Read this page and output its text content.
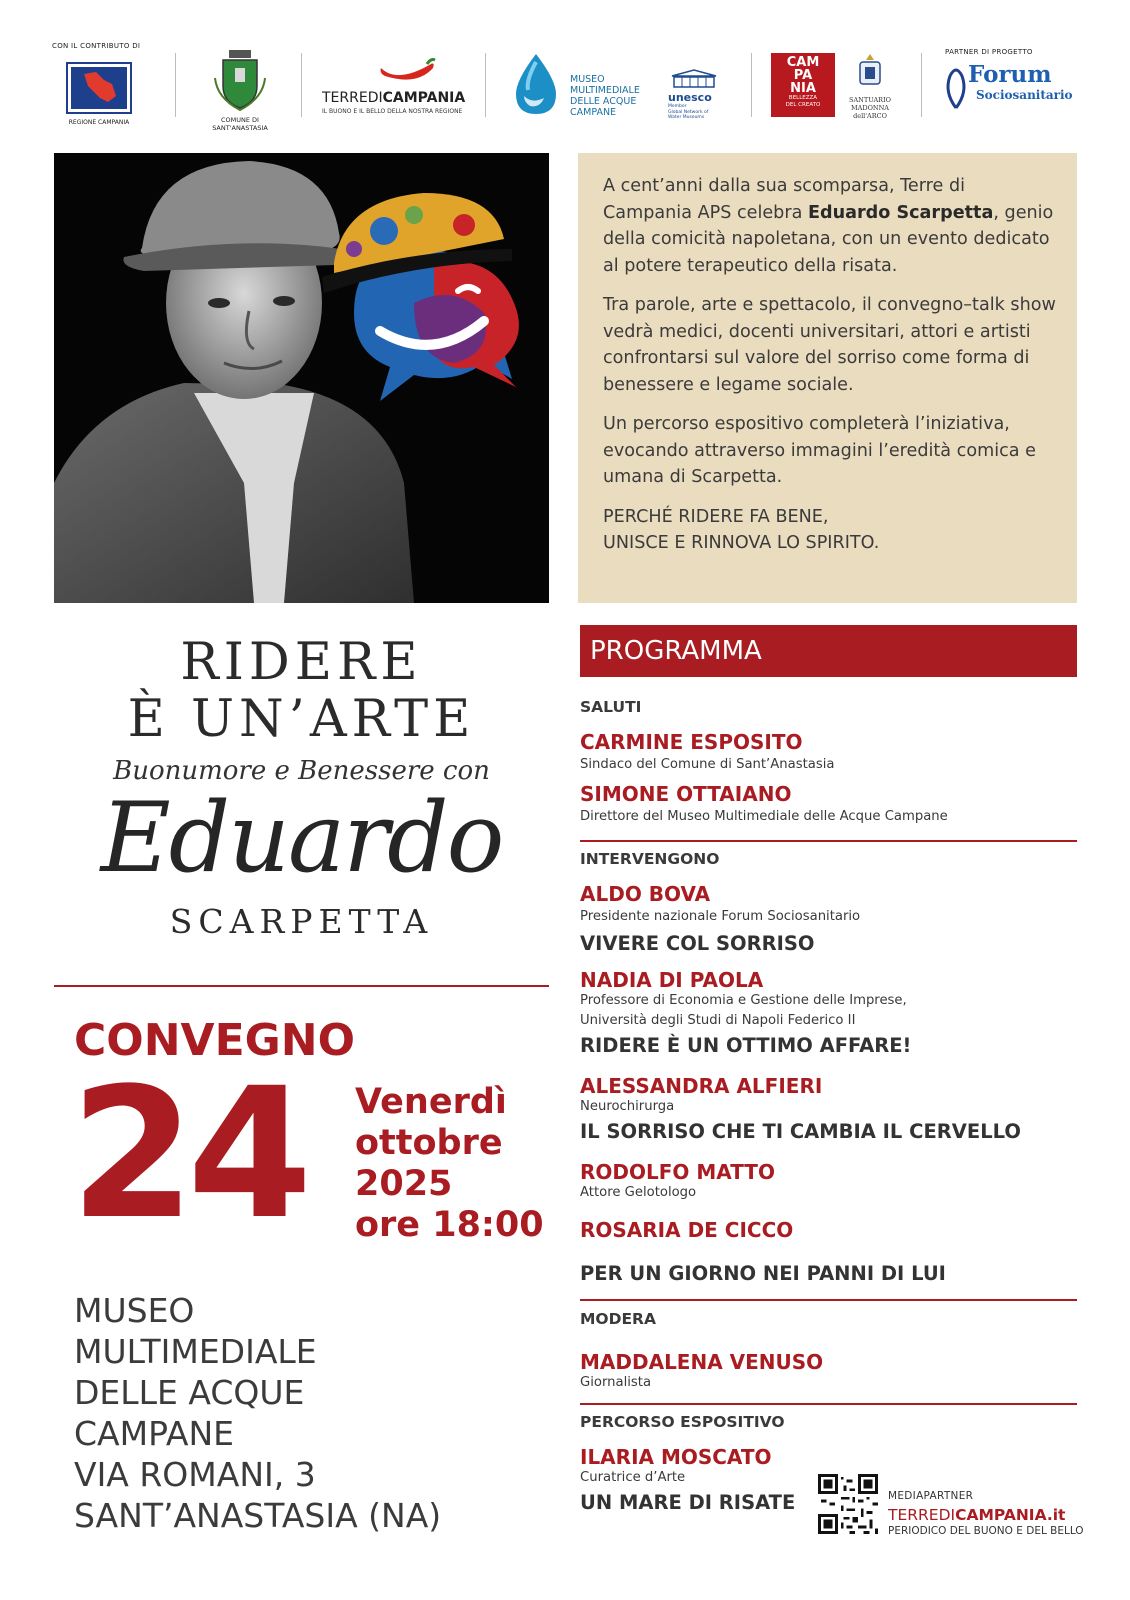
CON IL CONTRIBUTO DI
REGIONE CAMPANIA	COMUNE DI SANT'ANASTASIA
TERREDICAMPANIA
IL BUONO E IL BELLO DELLA NOSTRA REGIONE
MUSEO
MULTIMEDIALE
DELLE ACQUE
CAMPANE
unesco
Member
Global Network of
Water Museums
CAM
PA
NIA
BELLEZZA
DEL CREATO
SANTUARIO
MADONNA
dell'ARCO
PARTNER DI PROGETTO
Forum
Sociosanitario

A cent’anni dalla sua scomparsa, Terre di Campania APS celebra Eduardo Scarpetta, genio della comicità napoletana, con un evento dedicato al potere terapeutico della risata.

Tra parole, arte e spettacolo, il convegno–talk show vedrà medici, docenti universitari, attori e artisti confrontarsi sul valore del sorriso come forma di benessere e legame sociale.

Un percorso espositivo completerà l’iniziativa, evocando attraverso immagini l’eredità comica e umana di Scarpetta.

PERCHÉ RIDERE FA BENE,
UNISCE E RINNOVA LO SPIRITO.

RIDERE
È UN’ARTE
Buonumore e Benessere con
Eduardo
SCARPETTA
CONVEGNO
24 Venerdì
ottobre
2025
ore 18:00
MUSEO
MULTIMEDIALE
DELLE ACQUE
CAMPANE
VIA ROMANI, 3
SANT’ANASTASIA (NA)
PROGRAMMA
SALUTI
CARMINE ESPOSITO
Sindaco del Comune di Sant’Anastasia
SIMONE OTTAIANO
Direttore del Museo Multimediale delle Acque Campane
INTERVENGONO
ALDO BOVA
Presidente nazionale Forum Sociosanitario
VIVERE COL SORRISO
NADIA DI PAOLA
Professore di Economia e Gestione delle Imprese,
Università degli Studi di Napoli Federico II
RIDERE È UN OTTIMO AFFARE!
ALESSANDRA ALFIERI
Neurochirurga
IL SORRISO CHE TI CAMBIA IL CERVELLO
RODOLFO MATTO
Attore Gelotologo
ROSARIA DE CICCO
PER UN GIORNO NEI PANNI DI LUI
MODERA
MADDALENA VENUSO
Giornalista
PERCORSO ESPOSITIVO
ILARIA MOSCATO
Curatrice d’Arte
UN MARE DI RISATE	MEDIAPARTNER
TERREDICAMPANIA.it
PERIODICO DEL BUONO E DEL BELLO
